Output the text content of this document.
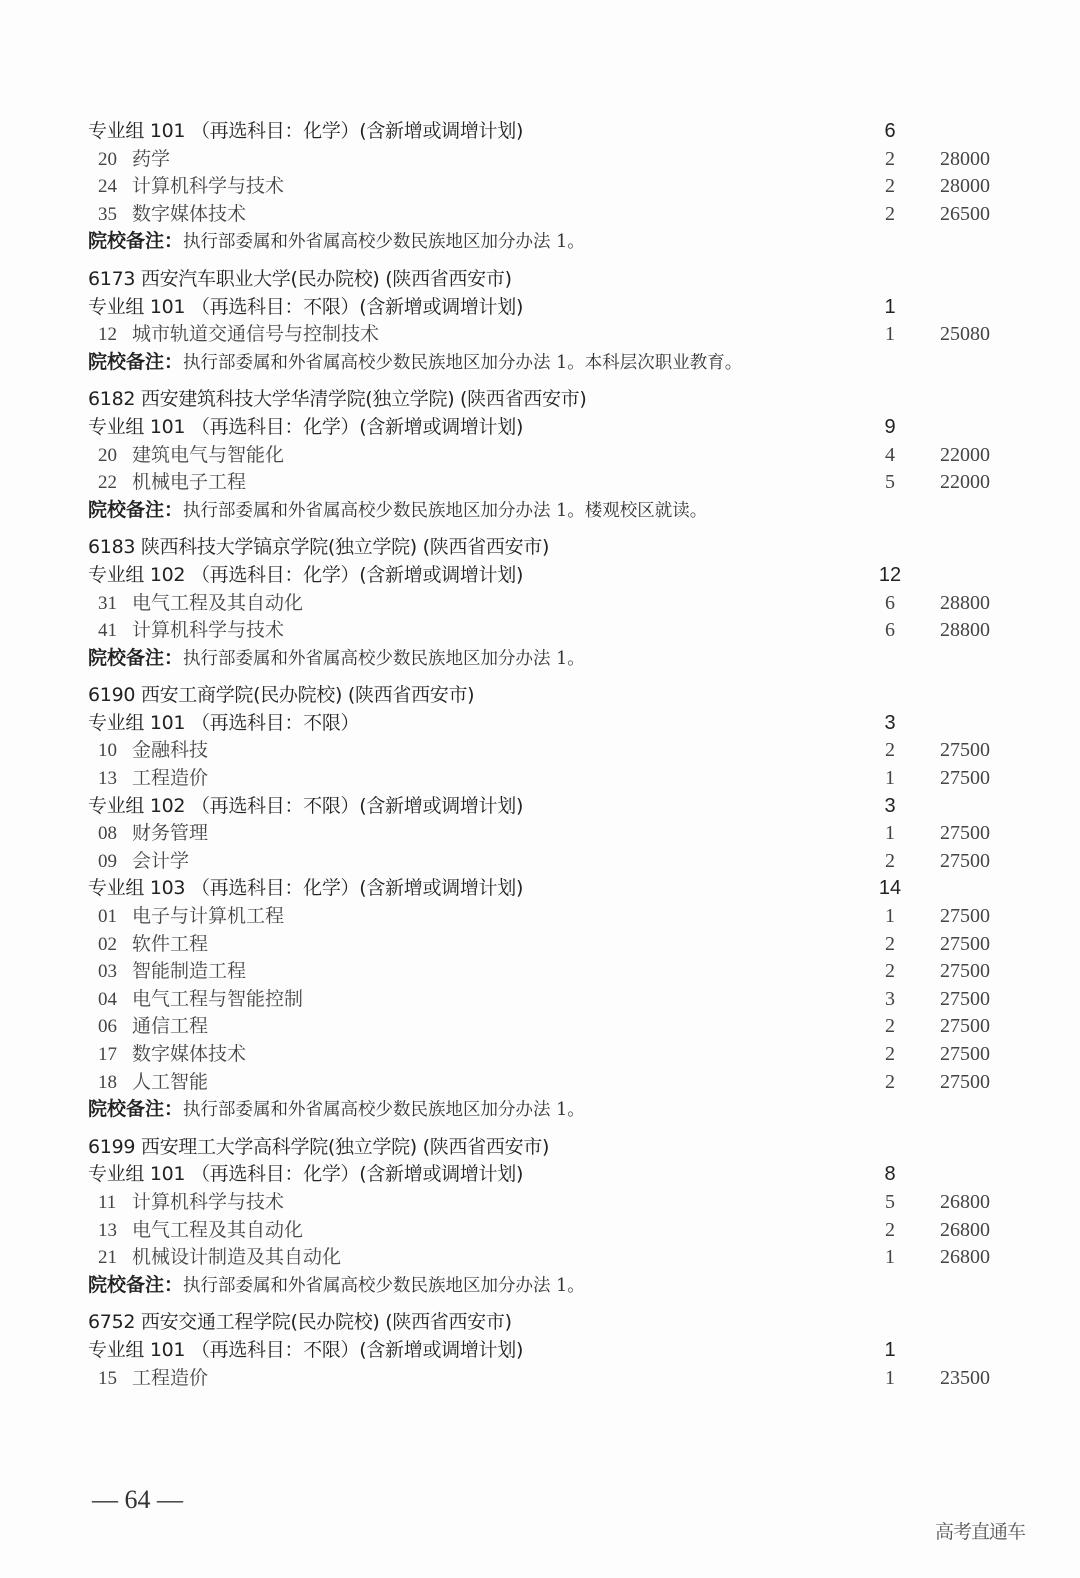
专业组 101 （再选科目：化学）(含新增或调增计划)	6
20 药学	2	28000
24 计算机科学与技术	2	28000
35 数字媒体技术	2	26500
院校备注：执行部委属和外省属高校少数民族地区加分办法 1。
6173 西安汽车职业大学(民办院校) (陕西省西安市)
专业组 101 （再选科目：不限）(含新增或调增计划)	1
12 城市轨道交通信号与控制技术	1	25080
院校备注：执行部委属和外省属高校少数民族地区加分办法 1。本科层次职业教育。
6182 西安建筑科技大学华清学院(独立学院) (陕西省西安市)
专业组 101 （再选科目：化学）(含新增或调增计划)	9
20 建筑电气与智能化	4	22000
22 机械电子工程	5	22000
院校备注：执行部委属和外省属高校少数民族地区加分办法 1。楼观校区就读。
6183 陕西科技大学镐京学院(独立学院) (陕西省西安市)
专业组 102 （再选科目：化学）(含新增或调增计划)	12
31 电气工程及其自动化	6	28800
41 计算机科学与技术	6	28800
院校备注：执行部委属和外省属高校少数民族地区加分办法 1。
6190 西安工商学院(民办院校) (陕西省西安市)
专业组 101 （再选科目：不限）	3
10 金融科技	2	27500
13 工程造价	1	27500
专业组 102 （再选科目：不限）(含新增或调增计划)	3
08 财务管理	1	27500
09 会计学	2	27500
专业组 103 （再选科目：化学）(含新增或调增计划)	14
01 电子与计算机工程	1	27500
02 软件工程	2	27500
03 智能制造工程	2	27500
04 电气工程与智能控制	3	27500
06 通信工程	2	27500
17 数字媒体技术	2	27500
18 人工智能	2	27500
院校备注：执行部委属和外省属高校少数民族地区加分办法 1。
6199 西安理工大学高科学院(独立学院) (陕西省西安市)
专业组 101 （再选科目：化学）(含新增或调增计划)	8
11 计算机科学与技术	5	26800
13 电气工程及其自动化	2	26800
21 机械设计制造及其自动化	1	26800
院校备注：执行部委属和外省属高校少数民族地区加分办法 1。
6752 西安交通工程学院(民办院校) (陕西省西安市)
专业组 101 （再选科目：不限）(含新增或调增计划)	1
15 工程造价	1	23500
— 64 —
高考直通车
